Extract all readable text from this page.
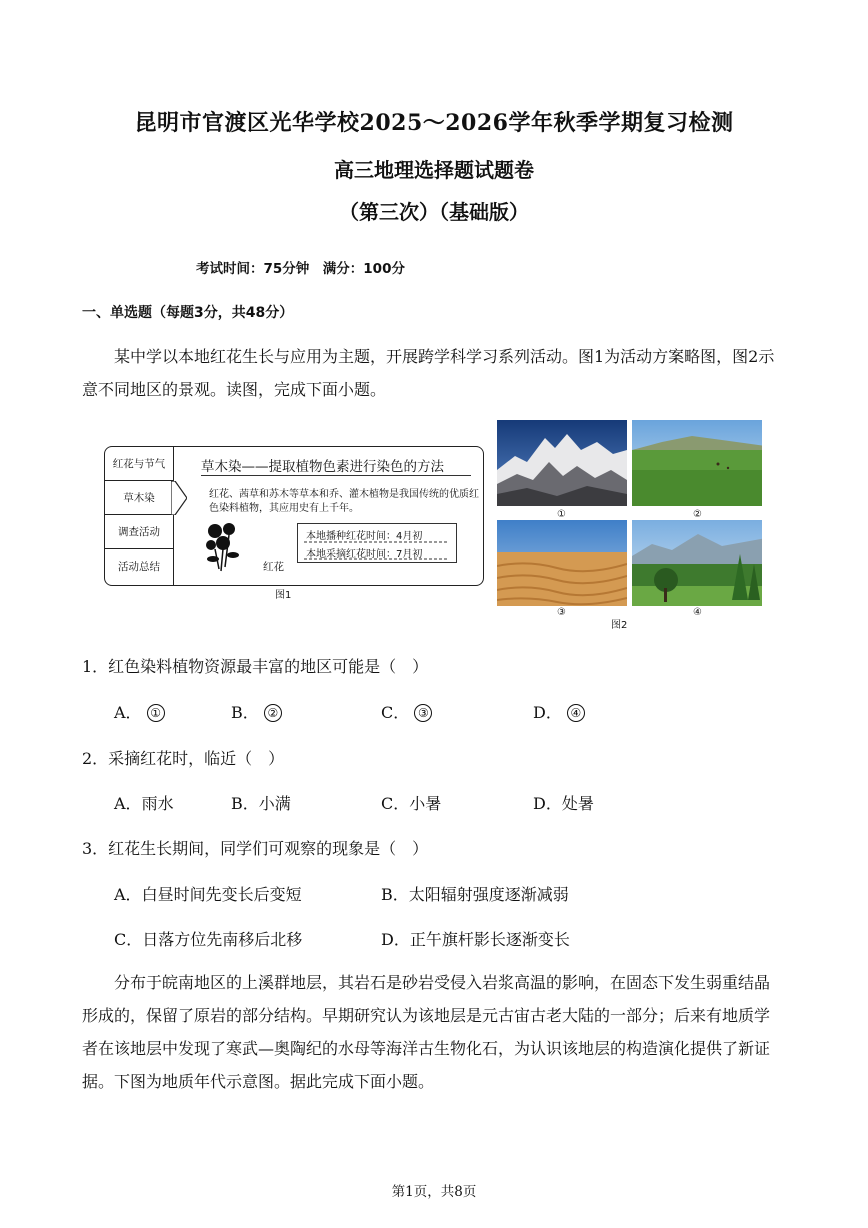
昆明市官渡区光华学校2025～2026学年秋季学期复习检测
高三地理选择题试题卷
（第三次）（基础版）
考试时间：75分钟　满分：100分
一、单选题（每题3分，共48分）
某中学以本地红花生长与应用为主题，开展跨学科学习系列活动。图1为活动方案略图，图2示意不同地区的景观。读图，完成下面小题。
红花与节气
草木染
调查活动
活动总结
草木染——提取植物色素进行染色的方法
红花、茜草和苏木等草本和乔、灌木植物是我国传统的优质红色染料植物，其应用史有上千年。
红花
本地播种红花时间：4月初
本地采摘红花时间：7月初
图1
①	②
③	④
图2
1．红色染料植物资源最丰富的地区可能是（　）
A． ①	B． ②	C． ③	D． ④
2．采摘红花时，临近（　）
A．雨水	B．小满	C．小暑	D．处暑
3．红花生长期间，同学们可观察的现象是（　）
A．白昼时间先变长后变短	B．太阳辐射强度逐渐减弱
C．日落方位先南移后北移	D．正午旗杆影长逐渐变长
分布于皖南地区的上溪群地层，其岩石是砂岩受侵入岩浆高温的影响，在固态下发生弱重结晶形成的，保留了原岩的部分结构。早期研究认为该地层是元古宙古老大陆的一部分；后来有地质学者在该地层中发现了寒武—奥陶纪的水母等海洋古生物化石，为认识该地层的构造演化提供了新证据。下图为地质年代示意图。据此完成下面小题。
第1页，共8页
